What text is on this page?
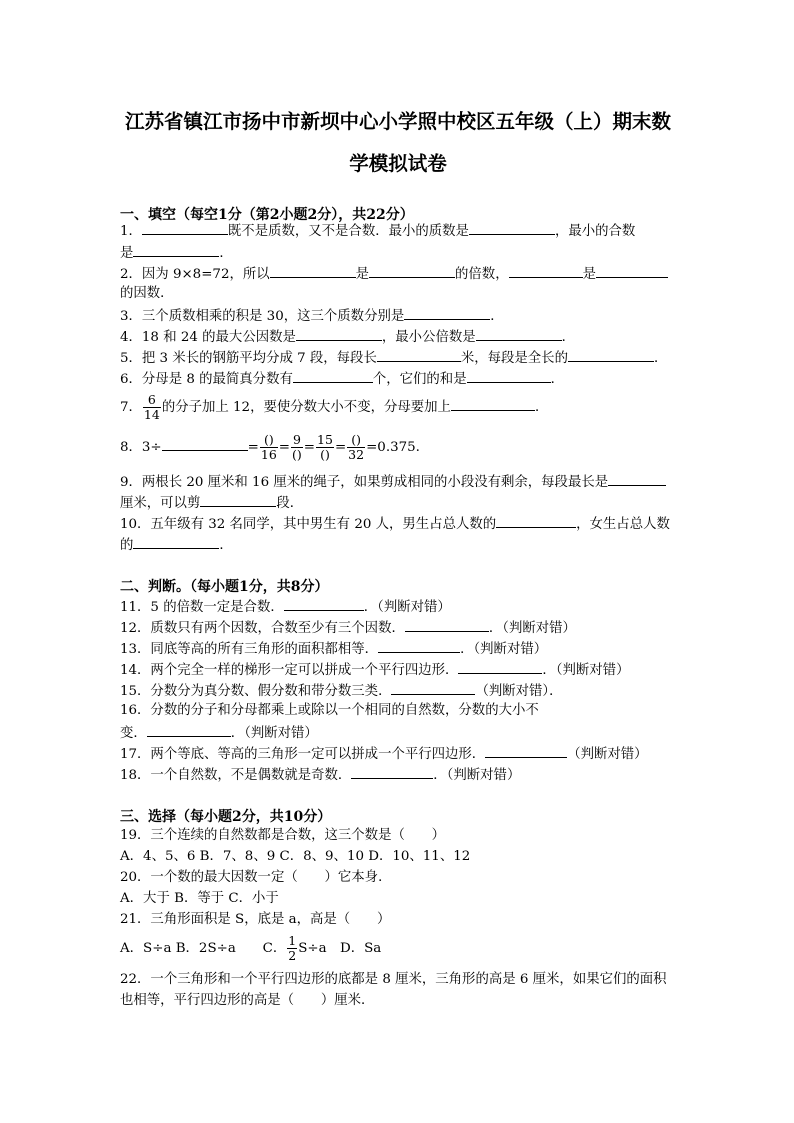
江苏省镇江市扬中市新坝中心小学照中校区五年级（上）期末数
学模拟试卷
一、填空（每空1分（第2小题2分），共22分）
1．	既不是质数，又不是合数．最小的质数是	，最小的合数
是	．
2．因为 9×8=72，所以	是	的倍数，	是
的因数．
3．三个质数相乘的积是 30，这三个质数分别是	．
4．18 和 24 的最大公因数是	，最小公倍数是	．
5．把 3 米长的钢筋平均分成 7 段，每段长	米，每段是全长的	．
6．分母是 8 的最简真分数有	个，它们的和是	．
7． $\frac{6}{14}$ 的分子加上 12，要使分数大小不变，分母要加上	．
8．3÷	= $\frac{()}{16} = \frac{9}{()} = \frac{15}{()} = \frac{()}{32} =0.375$.
9．两根长 20 厘米和 16 厘米的绳子，如果剪成相同的小段没有剩余，每段最长是
厘米，可以剪	段．
10．五年级有 32 名同学，其中男生有 20 人，男生占总人数的	，女生占总人数
的	．
二、判断。（每小题1分，共8分）
11．5 的倍数一定是合数．	．（判断对错）
12．质数只有两个因数，合数至少有三个因数．	．（判断对错）
13．同底等高的所有三角形的面积都相等．	．（判断对错）
14．两个完全一样的梯形一定可以拼成一个平行四边形．	．（判断对错）
15．分数分为真分数、假分数和带分数三类．	（判断对错）．
16．分数的分子和分母都乘上或除以一个相同的自然数，分数的大小不
变．	．（判断对错）
17．两个等底、等高的三角形一定可以拼成一个平行四边形．	（判断对错）
18．一个自然数，不是偶数就是奇数．	．（判断对错）
三、选择（每小题2分，共10分）
19．三个连续的自然数都是合数，这三个数是（　　）
A．4、5、6 B．7、8、9 C．8、9、10 D．10、11、12
20．一个数的最大因数一定（　　）它本身．
A．大于 B．等于 C．小于
21．三角形面积是 S，底是 a，高是（　　）
A．S÷a B．2S÷a　　C． $\frac{1}{2} S\div a$　D．Sa
22．一个三角形和一个平行四边形的底都是 8 厘米，三角形的高是 6 厘米，如果它们的面积
也相等，平行四边形的高是（　　）厘米．
